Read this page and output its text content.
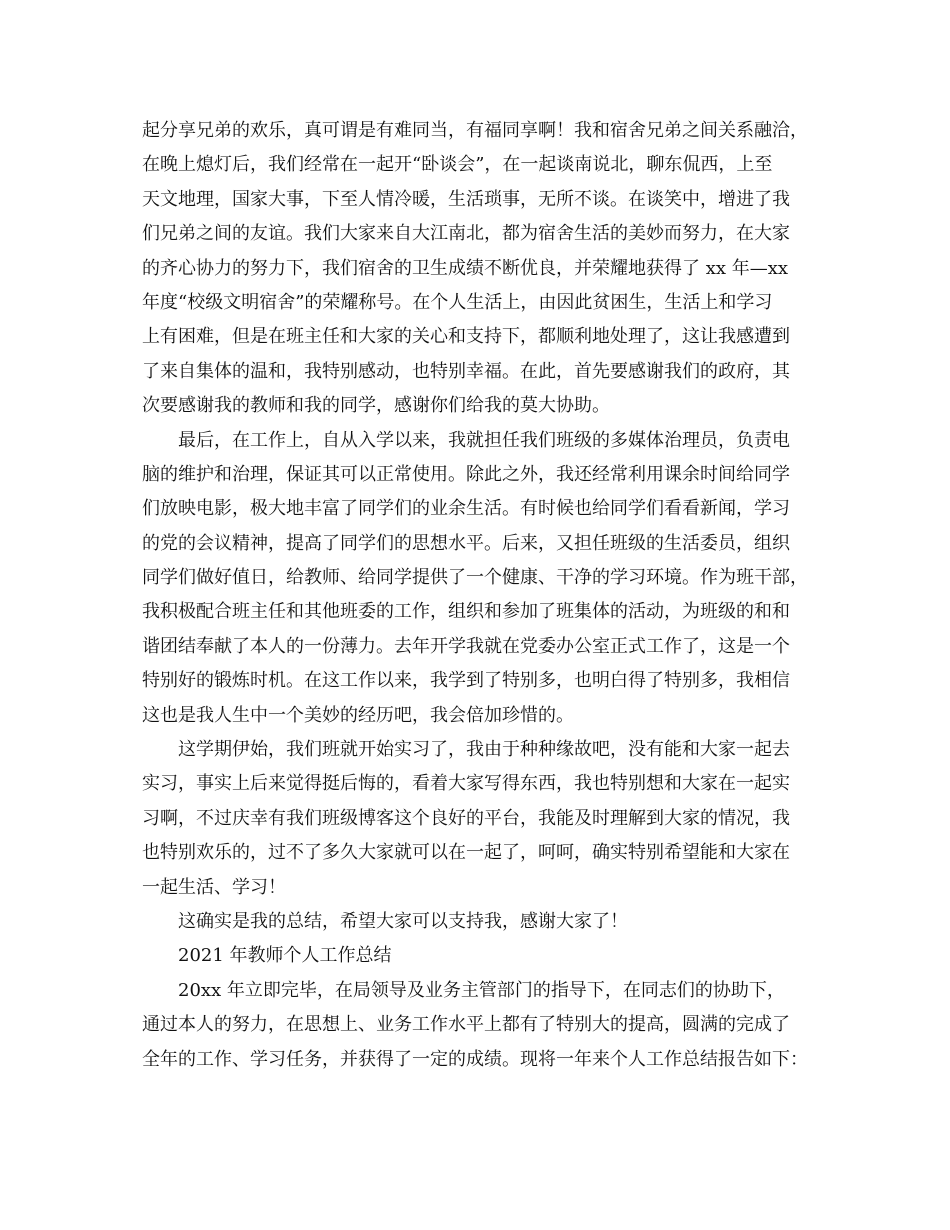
起分享兄弟的欢乐，真可谓是有难同当，有福同享啊！我和宿舍兄弟之间关系融洽，
在晚上熄灯后，我们经常在一起开“卧谈会”，在一起谈南说北，聊东侃西，上至
天文地理，国家大事，下至人情冷暖，生活琐事，无所不谈。在谈笑中，增进了我
们兄弟之间的友谊。我们大家来自大江南北，都为宿舍生活的美妙而努力，在大家
的齐心协力的努力下，我们宿舍的卫生成绩不断优良，并荣耀地获得了 xx 年—xx
年度“校级文明宿舍”的荣耀称号。在个人生活上，由因此贫困生，生活上和学习
上有困难，但是在班主任和大家的关心和支持下，都顺利地处理了，这让我感遭到
了来自集体的温和，我特别感动，也特别幸福。在此，首先要感谢我们的政府，其
次要感谢我的教师和我的同学，感谢你们给我的莫大协助。
最后，在工作上，自从入学以来，我就担任我们班级的多媒体治理员，负责电
脑的维护和治理，保证其可以正常使用。除此之外，我还经常利用课余时间给同学
们放映电影，极大地丰富了同学们的业余生活。有时候也给同学们看看新闻，学习
的党的会议精神，提高了同学们的思想水平。后来，又担任班级的生活委员，组织
同学们做好值日，给教师、给同学提供了一个健康、干净的学习环境。作为班干部，
我积极配合班主任和其他班委的工作，组织和参加了班集体的活动，为班级的和和
谐团结奉献了本人的一份薄力。去年开学我就在党委办公室正式工作了，这是一个
特别好的锻炼时机。在这工作以来，我学到了特别多，也明白得了特别多，我相信
这也是我人生中一个美妙的经历吧，我会倍加珍惜的。
这学期伊始，我们班就开始实习了，我由于种种缘故吧，没有能和大家一起去
实习，事实上后来觉得挺后悔的，看着大家写得东西，我也特别想和大家在一起实
习啊，不过庆幸有我们班级博客这个良好的平台，我能及时理解到大家的情况，我
也特别欢乐的，过不了多久大家就可以在一起了，呵呵，确实特别希望能和大家在
一起生活、学习！
这确实是我的总结，希望大家可以支持我，感谢大家了！
2021 年教师个人工作总结
20xx 年立即完毕，在局领导及业务主管部门的指导下，在同志们的协助下，
通过本人的努力，在思想上、业务工作水平上都有了特别大的提高，圆满的完成了
全年的工作、学习任务，并获得了一定的成绩。现将一年来个人工作总结报告如下：
